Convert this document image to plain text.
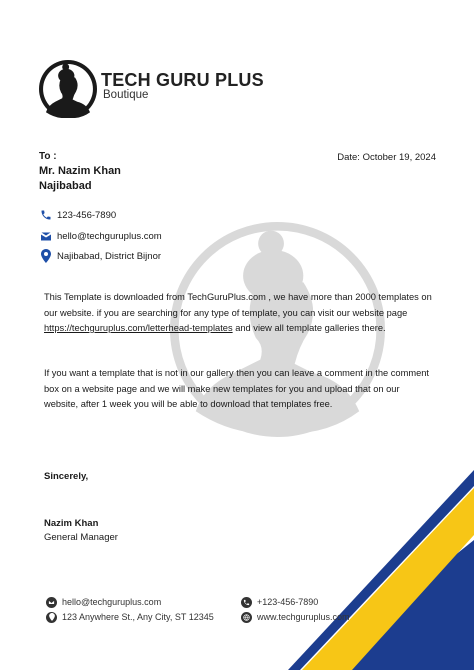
TECH GURU PLUS
Boutique
To :
Mr. Nazim Khan
Najibabad
Date: October 19, 2024
123-456-7890
hello@techguruplus.com
Najibabad, District Bijnor
This Template is downloaded from TechGuruPlus.com , we have more than 2000 templates on our website. if you are searching for any type of template, you can visit our website page https://techguruplus.com/letterhead-templates and view all template galleries there.
If you want a template that is not in our gallery then you can leave a comment in the comment box on a website page and we will make new templates for you and upload that on our website, after 1 week you will be able to download that templates free.
Sincerely,
Nazim Khan
General Manager
hello@techguruplus.com
123 Anywhere St., Any City, ST 12345
+123-456-7890
www.techguruplus.com
